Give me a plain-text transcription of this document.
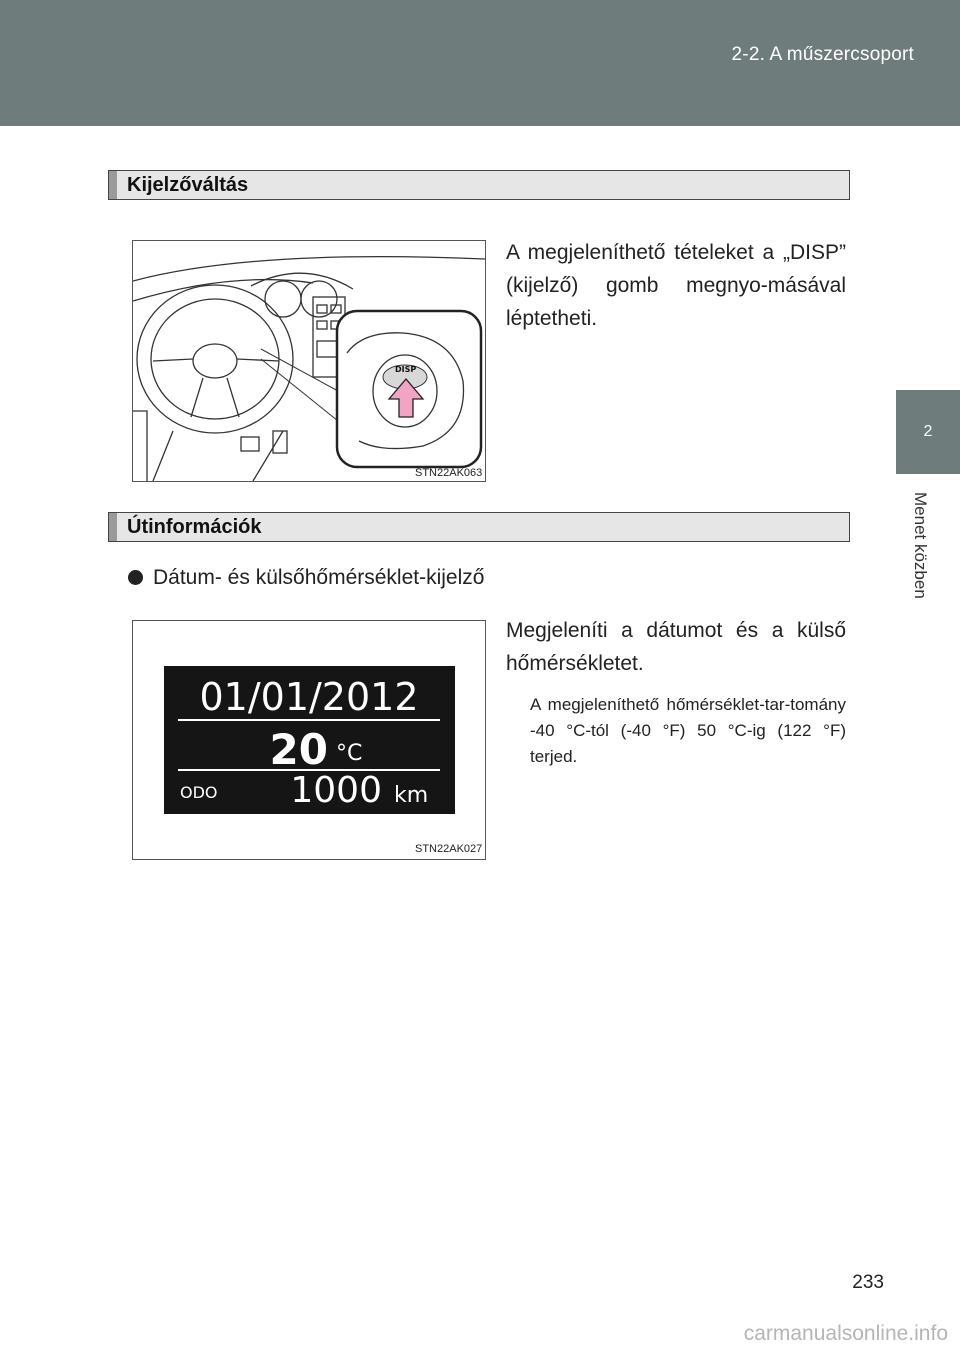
2-2. A műszercsoport
2
Menet közben
Kijelzőváltás
DISP
STN22AK063
A megjeleníthető tételeket a „DISP” (kijelző) gomb megnyo-másával léptetheti.
Útinformációk
Dátum- és külsőhőmérséklet-kijelző
01/01/2012
20 °C
ODO 1000 km
STN22AK027
Megjeleníti a dátumot és a külső hőmérsékletet.
A megjeleníthető hőmérséklet-tar-tomány -40 °C-tól (-40 °F) 50 °C-ig (122 °F) terjed.
233
carmanualsonline.info
